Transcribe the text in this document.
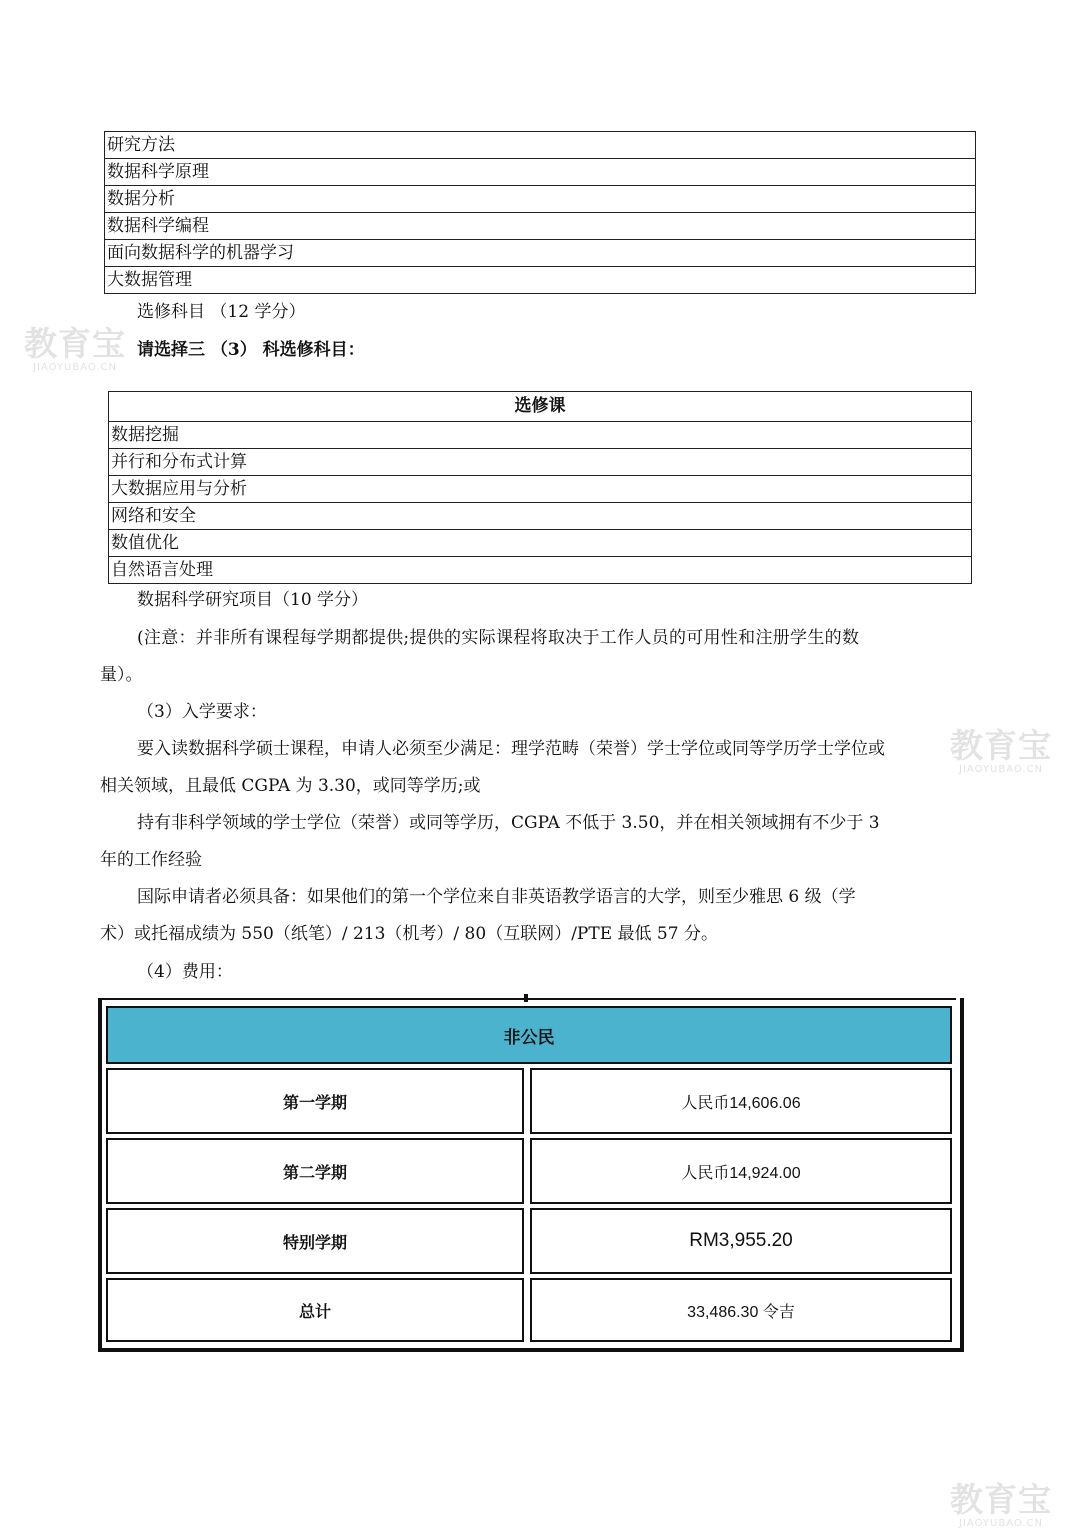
研究方法
数据科学原理
数据分析
数据科学编程
面向数据科学的机器学习
大数据管理
选修科目 （12 学分）
请选择三 （3） 科选修科目：
选修课
数据挖掘
并行和分布式计算
大数据应用与分析
网络和安全
数值优化
自然语言处理
数据科学研究项目（10 学分）
(注意：并非所有课程每学期都提供;提供的实际课程将取决于工作人员的可用性和注册学生的数
量）。
（3）入学要求：
要入读数据科学硕士课程，申请人必须至少满足：理学范畴（荣誉）学士学位或同等学历学士学位或
相关领域，且最低 CGPA 为 3.30，或同等学历;或
持有非科学领域的学士学位（荣誉）或同等学历，CGPA 不低于 3.50，并在相关领域拥有不少于 3
年的工作经验
国际申请者必须具备：如果他们的第一个学位来自非英语教学语言的大学，则至少雅思 6 级（学
术）或托福成绩为 550（纸笔）/ 213（机考）/ 80（互联网）/PTE 最低 57 分。
（4）费用：
非公民
第一学期	人民币14,606.06
第二学期	人民币14,924.00
特别学期	RM3,955.20
总计	33,486.30 令吉
教育宝
JIAOYUBAO.CN
教育宝
JIAOYUBAO.CN
教育宝
JIAOYUBAO.CN
